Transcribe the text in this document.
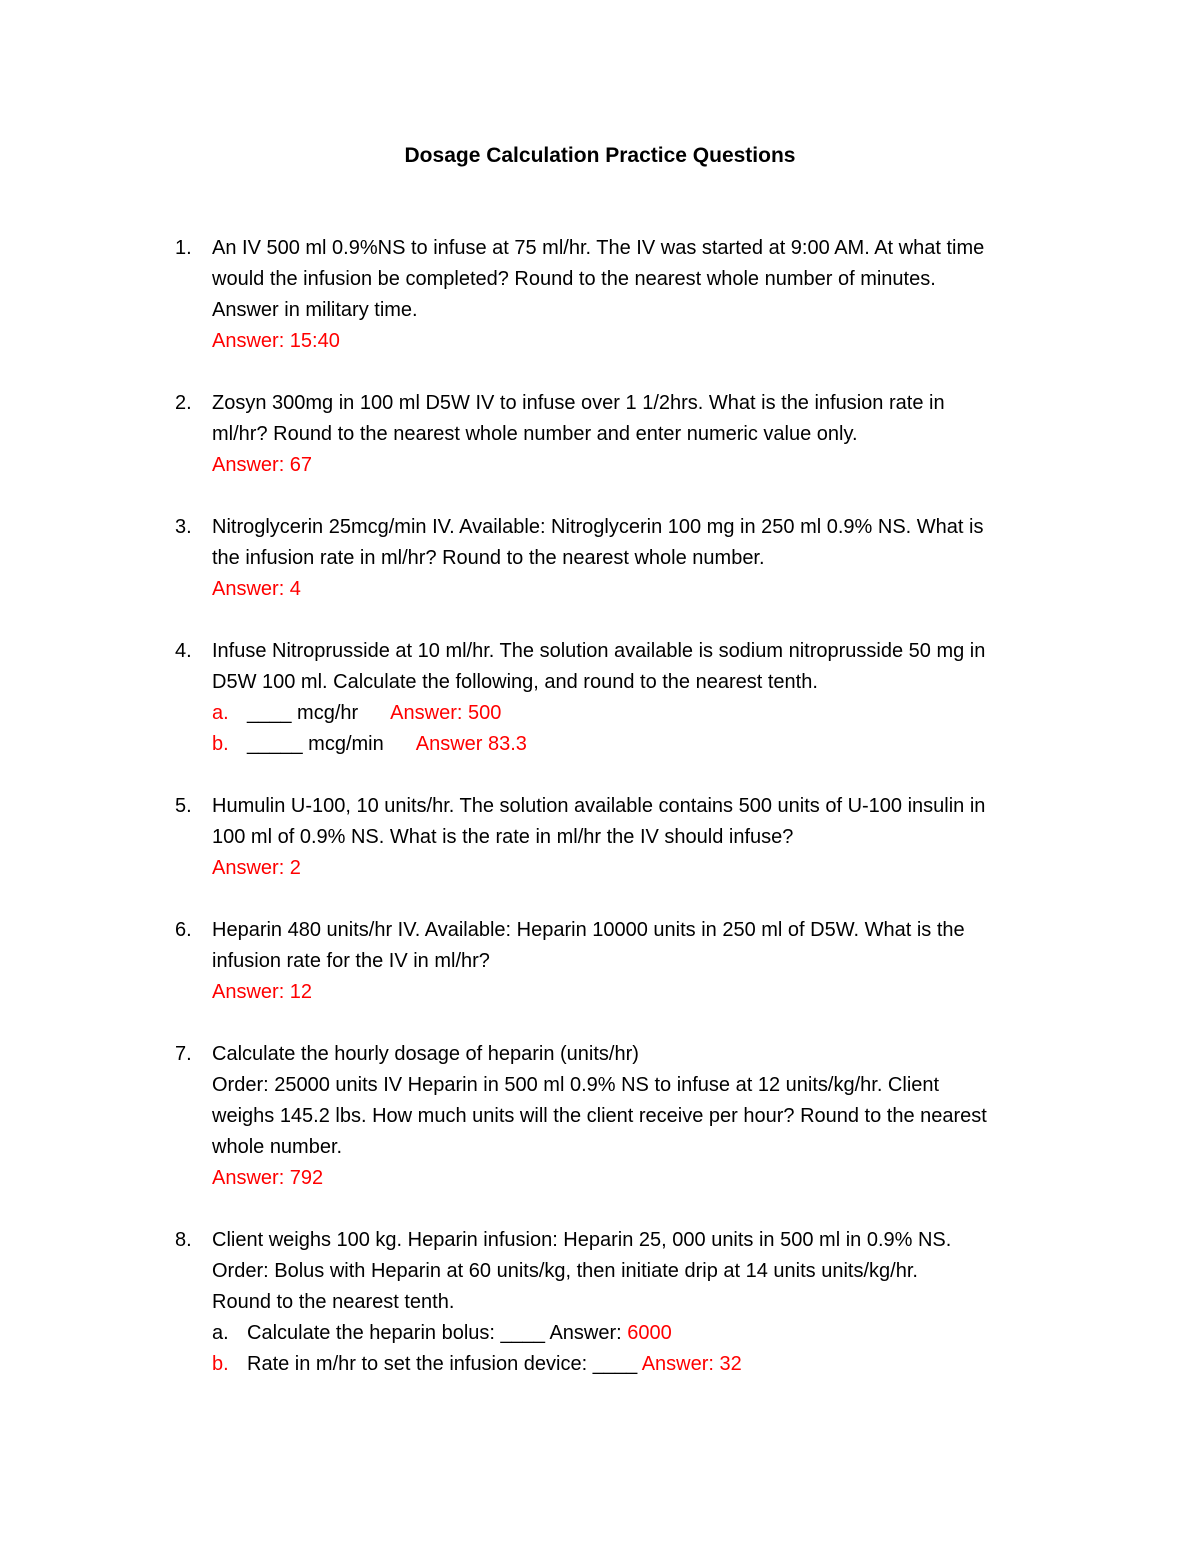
Dosage Calculation Practice Questions
1. An IV 500 ml 0.9%NS to infuse at 75 ml/hr. The IV was started at 9:00 AM. At what time
would the infusion be completed? Round to the nearest whole number of minutes.
Answer in military time.
Answer: 15:40
2. Zosyn 300mg in 100 ml D5W IV to infuse over 1 1/2hrs. What is the infusion rate in
ml/hr? Round to the nearest whole number and enter numeric value only.
Answer: 67
3. Nitroglycerin 25mcg/min IV. Available: Nitroglycerin 100 mg in 250 ml 0.9% NS. What is
the infusion rate in ml/hr? Round to the nearest whole number.
Answer: 4
4. Infuse Nitroprusside at 10 ml/hr. The solution available is sodium nitroprusside 50 mg in
D5W 100 ml. Calculate the following, and round to the nearest tenth.
a. ____ mcg/hr Answer: 500
b. _____ mcg/min Answer 83.3
5. Humulin U-100, 10 units/hr. The solution available contains 500 units of U-100 insulin in
100 ml of 0.9% NS. What is the rate in ml/hr the IV should infuse?
Answer: 2
6. Heparin 480 units/hr IV. Available: Heparin 10000 units in 250 ml of D5W. What is the
infusion rate for the IV in ml/hr?
Answer: 12
7. Calculate the hourly dosage of heparin (units/hr)
Order: 25000 units IV Heparin in 500 ml 0.9% NS to infuse at 12 units/kg/hr. Client
weighs 145.2 lbs. How much units will the client receive per hour? Round to the nearest
whole number.
Answer: 792
8. Client weighs 100 kg. Heparin infusion: Heparin 25, 000 units in 500 ml in 0.9% NS.
Order: Bolus with Heparin at 60 units/kg, then initiate drip at 14 units units/kg/hr.
Round to the nearest tenth.
a. Calculate the heparin bolus: ____ Answer: 6000
b. Rate in m/hr to set the infusion device: ____ Answer: 32
